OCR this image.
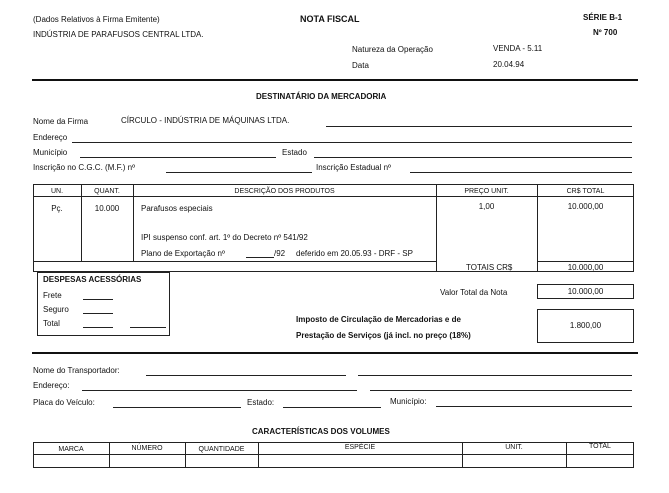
(Dados Relativos à Firma Emitente)
INDÚSTRIA DE PARAFUSOS CENTRAL LTDA.
NOTA FISCAL	SÉRIE B-1
Nº 700
Natureza da Operação	VENDA - 5.11
Data	20.04.94
DESTINATÁRIO DA MERCADORIA
Nome da Firma	CÍRCULO - INDÚSTRIA DE MÁQUINAS LTDA.
Endereço
Município	Estado
Inscrição no C.G.C. (M.F.) nº	Inscrição Estadual nº
UN.	QUANT.	DESCRIÇÃO DOS PRODUTOS	PREÇO UNIT.	CR$ TOTAL
Pç.	10.000	Parafusos especiais	1,00	10.000,00
IPI suspenso conf. art. 1º do Decreto nº 541/92
Plano de Exportação nº	/92 deferido em 20.05.93 - DRF - SP
TOTAIS CR$	10.000,00
DESPESAS ACESSÓRIAS
Frete
Seguro
Total
Valor Total da Nota	10.000,00
Imposto de Circulação de Mercadorias e de
Prestação de Serviços (já incl. no preço (18%)
1.800,00
Nome do Transportador:
Endereço:
Placa do Veículo:	Estado:	Município:
CARACTERÍSTICAS DOS VOLUMES
MARCA	NÚMERO	QUANTIDADE	ESPÉCIE	UNIT.	TOTAL
